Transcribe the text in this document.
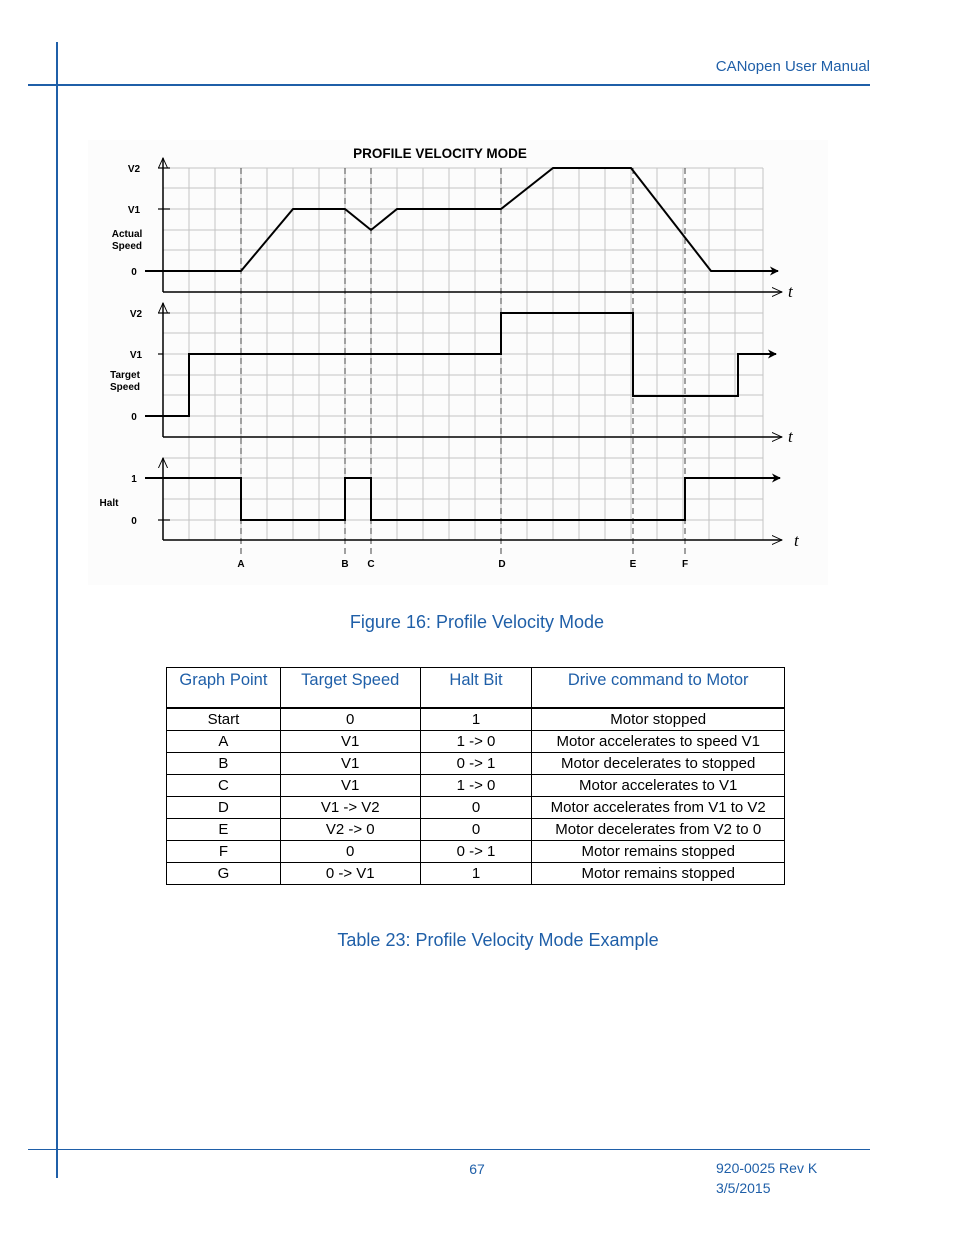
CANopen User Manual
PROFILE VELOCITY MODE
V2
V1
Actual
Speed
0
V2
V1
Target
Speed
0
1
Halt
0
t
t
t
A	B C	D	E	F
Figure 16: Profile Velocity Mode
Graph Point	Target Speed	Halt Bit	Drive command to Motor
Start	0	1	Motor stopped
A	V1	1 -> 0	Motor accelerates to speed V1
B	V1	0 -> 1	Motor decelerates to stopped
C	V1	1 -> 0	Motor accelerates to V1
D	V1 -> V2	0	Motor accelerates from V1 to V2
E	V2 -> 0	0	Motor decelerates from V2 to 0
F	0	0 -> 1	Motor remains stopped
G	0 -> V1	1	Motor remains stopped
Table 23: Profile Velocity Mode Example
67	920-0025 Rev K
3/5/2015
